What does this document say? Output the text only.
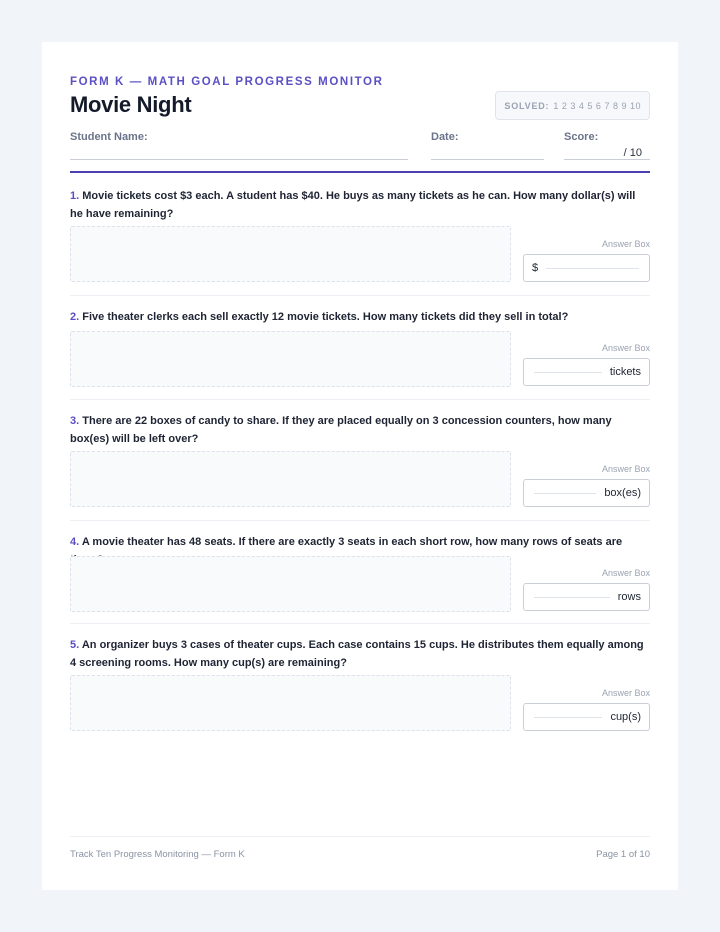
FORM K — MATH GOAL PROGRESS MONITOR
Movie Night	SOLVED: 1 2 3 4 5 6 7 8 9 10
Student Name:	Date:	Score:
/ 10
1. Movie tickets cost $3 each. A student has $40. He buys as many tickets as he can. How many dollar(s) will he have remaining?
Answer Box
$
2. Five theater clerks each sell exactly 12 movie tickets. How many tickets did they sell in total?
Answer Box
tickets
3. There are 22 boxes of candy to share. If they are placed equally on 3 concession counters, how many box(es) will be left over?
Answer Box
box(es)
4. A movie theater has 48 seats. If there are exactly 3 seats in each short row, how many rows of seats are
Answer Box
rows
5. An organizer buys 3 cases of theater cups. Each case contains 15 cups. He distributes them equally among 4 screening rooms. How many cup(s) are remaining?
Answer Box
cup(s)
Track Ten Progress Monitoring — Form K	Page 1 of 10
